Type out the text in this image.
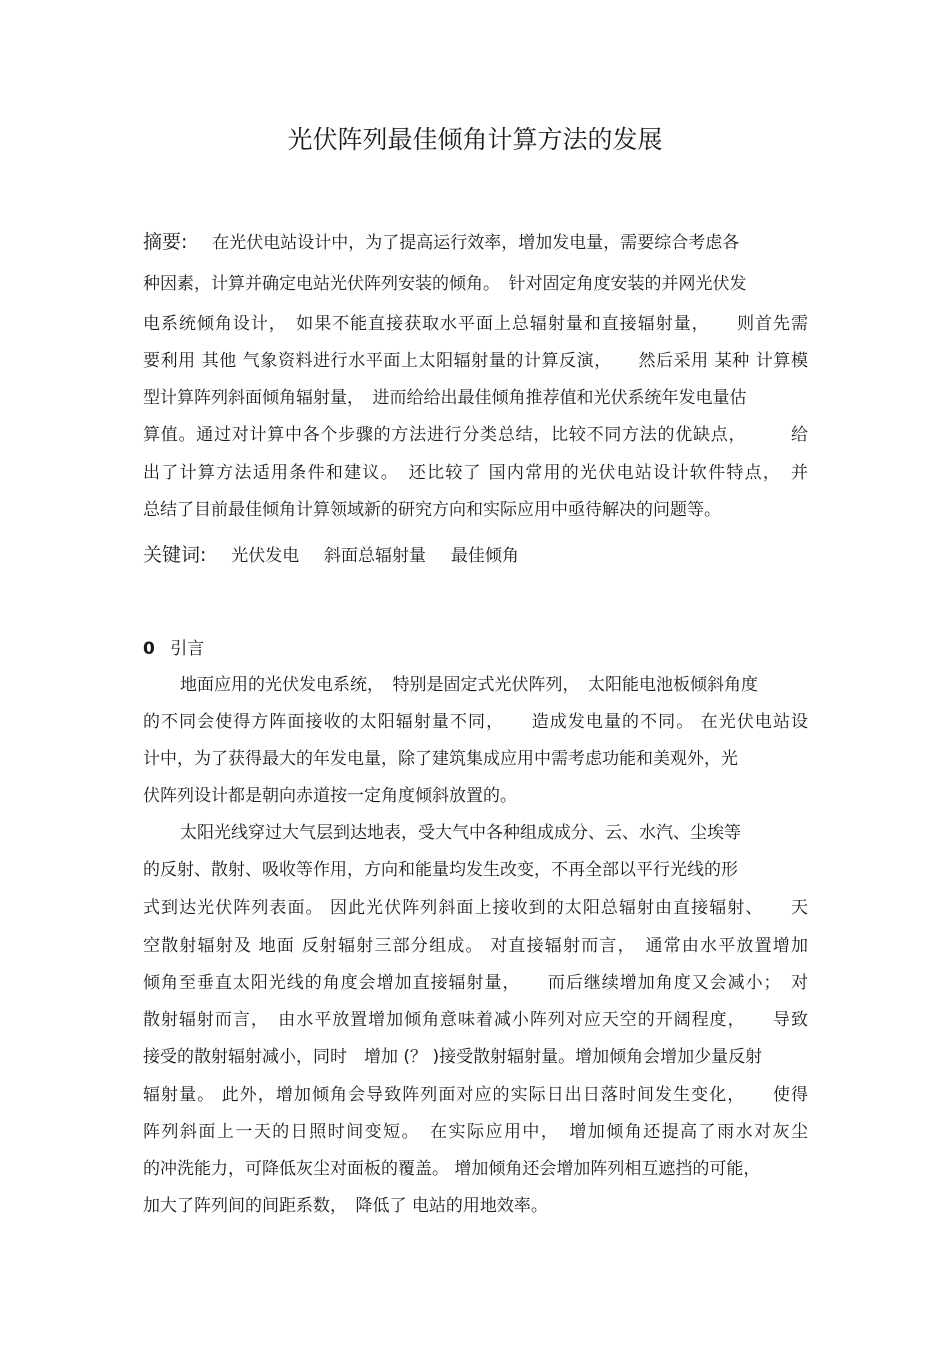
光伏阵列最佳倾角计算方法的发展
摘要: 在光伏电站设计中，为了提高运行效率，增加发电量，需要综合考虑各
种因素，计算并确定电站光伏阵列安装的倾角。　针对固定角度安装的并网光伏发
电系统倾角设计，　如果不能直接获取水平面上总辐射量和直接辐射量，　　则首先需
要利用 其他 气象资料进行水平面上太阳辐射量的计算反演，　　然后采用 某种 计算模
型计算阵列斜面倾角辐射量，　进而给给出最佳倾角推荐值和光伏系统年发电量估
算值。通过对计算中各个步骤的方法进行分类总结，比较不同方法的优缺点，　　　给
出了计算方法适用条件和建议。　还比较了 国内常用的光伏电站设计软件特点，　并
总结了目前最佳倾角计算领域新的研究方向和实际应用中亟待解决的问题等。
关键词: 光伏发电 斜面总辐射量 最佳倾角
0 引言
地面应用的光伏发电系统，　特别是固定式光伏阵列，　太阳能电池板倾斜角度
的不同会使得方阵面接收的太阳辐射量不同，　　造成发电量的不同。 在光伏电站设
计中，为了获得最大的年发电量，除了建筑集成应用中需考虑功能和美观外，光
伏阵列设计都是朝向赤道按一定角度倾斜放置的。
太阳光线穿过大气层到达地表，受大气中各种组成成分、云、水汽、尘埃等
的反射、散射、吸收等作用，方向和能量均发生改变，不再全部以平行光线的形
式到达光伏阵列表面。 因此光伏阵列斜面上接收到的太阳总辐射由直接辐射、　　天
空散射辐射及 地面 反射辐射三部分组成。 对直接辐射而言，　通常由水平放置增加
倾角至垂直太阳光线的角度会增加直接辐射量，　　而后继续增加角度又会减小；　对
散射辐射而言，　由水平放置增加倾角意味着减小阵列对应天空的开阔程度，　　导致
接受的散射辐射减小，同时　增加 (？ )接受散射辐射量。增加倾角会增加少量反射
辐射量。 此外，增加倾角会导致阵列面对应的实际日出日落时间发生变化，　　使得
阵列斜面上一天的日照时间变短。　在实际应用中，　增加倾角还提高了雨水对灰尘
的冲洗能力，可降低灰尘对面板的覆盖。 增加倾角还会增加阵列相互遮挡的可能，
加大了阵列间的间距系数，　降低了 电站的用地效率。
